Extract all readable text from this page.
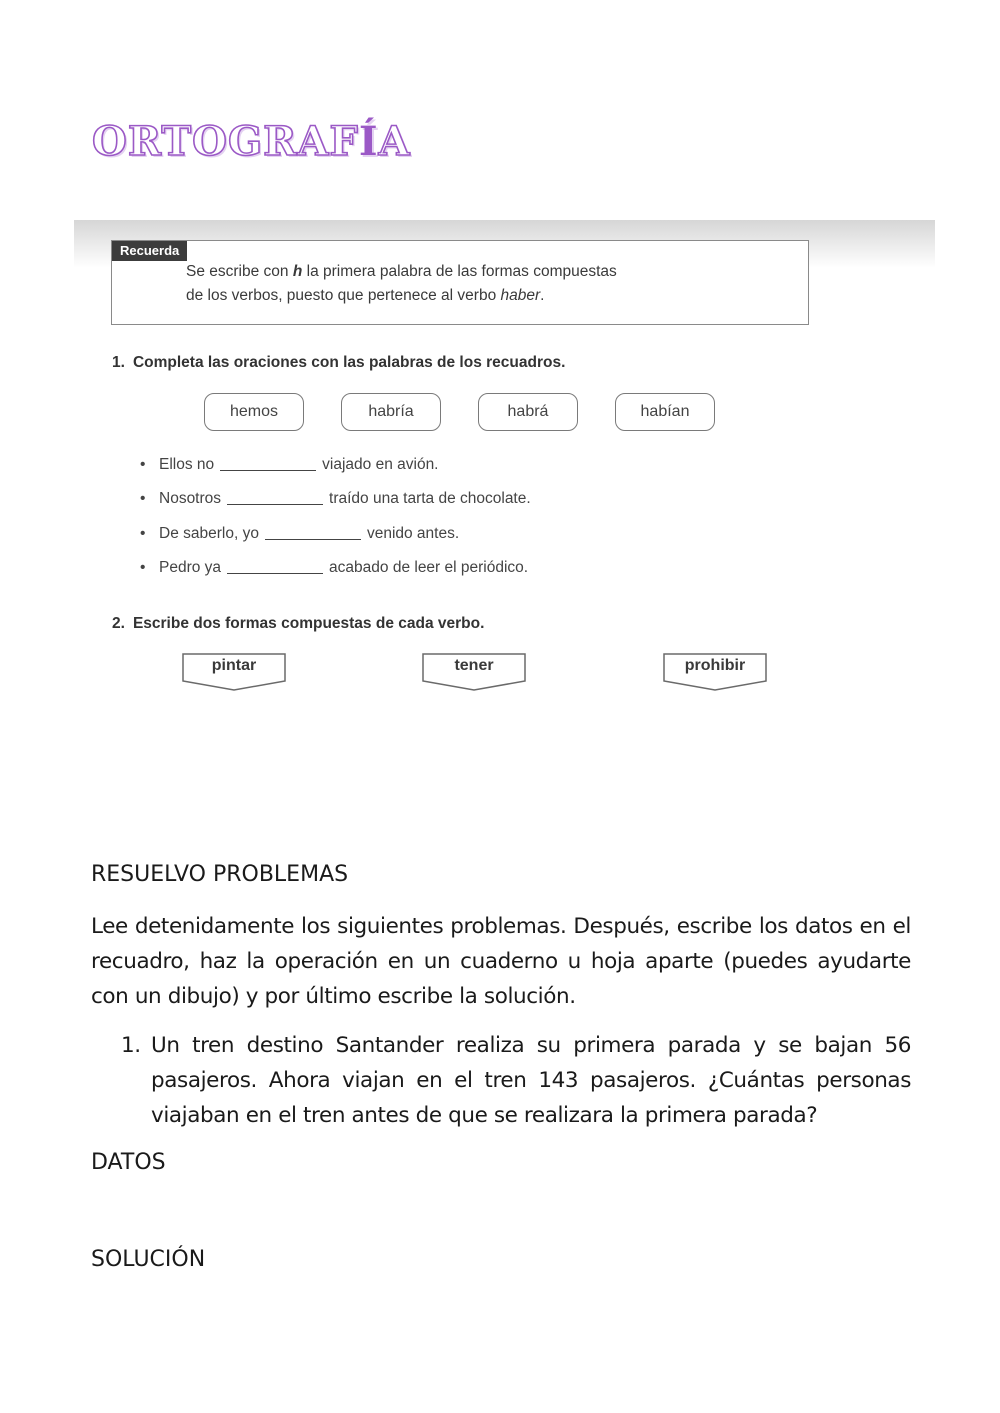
ORTOGRAFÍA
Recuerda
Se escribe con h la primera palabra de las formas compuestas
de los verbos, puesto que pertenece al verbo haber.
1. Completa las oraciones con las palabras de los recuadros.
hemos	habría	habrá	habían
• Ellos no	viajado en avión.
• Nosotros	traído una tarta de chocolate.
• De saberlo, yo	venido antes.
• Pedro ya	acabado de leer el periódico.
2. Escribe dos formas compuestas de cada verbo.
pintar	tener	prohibir
RESUELVO PROBLEMAS
Lee detenidamente los siguientes problemas. Después, escribe los datos en el recuadro, haz la operación en un cuaderno u hoja aparte (puedes ayudarte con un dibujo) y por último escribe la solución.
1. Un tren destino Santander realiza su primera parada y se bajan 56 pasajeros. Ahora viajan en el tren 143 pasajeros. ¿Cuántas personas viajaban en el tren antes de que se realizara la primera parada?
DATOS
SOLUCIÓN
